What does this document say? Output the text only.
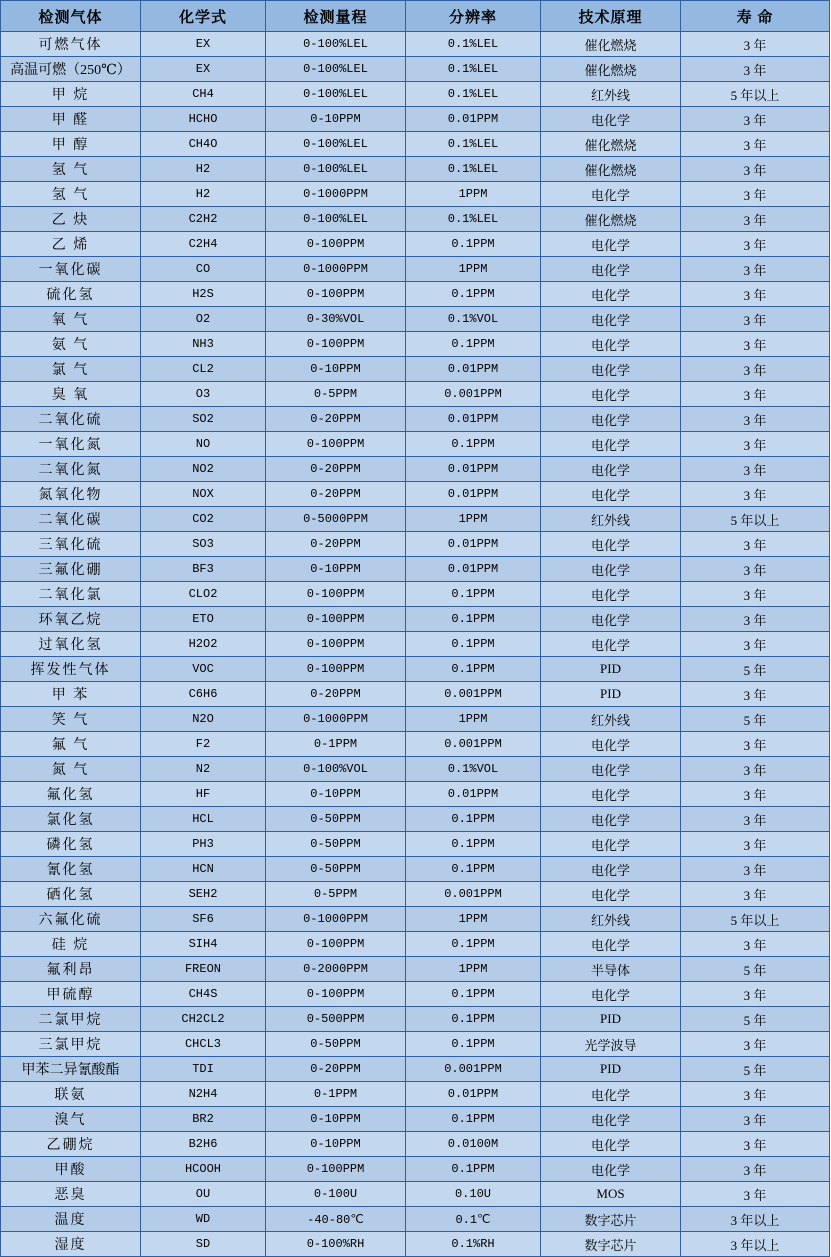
检测气体	化学式	检测量程	分辨率	技术原理	寿 命
可燃气体	EX	0-100%LEL	0.1%LEL	催化燃烧	3 年
高温可燃（250℃）	EX	0-100%LEL	0.1%LEL	催化燃烧	3 年
甲 烷	CH4	0-100%LEL	0.1%LEL	红外线	5 年以上
甲 醛	HCHO	0-10PPM	0.01PPM	电化学	3 年
甲 醇	CH4O	0-100%LEL	0.1%LEL	催化燃烧	3 年
氢 气	H2	0-100%LEL	0.1%LEL	催化燃烧	3 年
氢 气	H2	0-1000PPM	1PPM	电化学	3 年
乙 炔	C2H2	0-100%LEL	0.1%LEL	催化燃烧	3 年
乙 烯	C2H4	0-100PPM	0.1PPM	电化学	3 年
一氧化碳	CO	0-1000PPM	1PPM	电化学	3 年
硫化氢	H2S	0-100PPM	0.1PPM	电化学	3 年
氧 气	O2	0-30%VOL	0.1%VOL	电化学	3 年
氨 气	NH3	0-100PPM	0.1PPM	电化学	3 年
氯 气	CL2	0-10PPM	0.01PPM	电化学	3 年
臭 氧	O3	0-5PPM	0.001PPM	电化学	3 年
二氧化硫	SO2	0-20PPM	0.01PPM	电化学	3 年
一氧化氮	NO	0-100PPM	0.1PPM	电化学	3 年
二氧化氮	NO2	0-20PPM	0.01PPM	电化学	3 年
氮氧化物	NOX	0-20PPM	0.01PPM	电化学	3 年
二氧化碳	CO2	0-5000PPM	1PPM	红外线	5 年以上
三氧化硫	SO3	0-20PPM	0.01PPM	电化学	3 年
三氟化硼	BF3	0-10PPM	0.01PPM	电化学	3 年
二氧化氯	CLO2	0-100PPM	0.1PPM	电化学	3 年
环氧乙烷	ETO	0-100PPM	0.1PPM	电化学	3 年
过氧化氢	H2O2	0-100PPM	0.1PPM	电化学	3 年
挥发性气体	VOC	0-100PPM	0.1PPM	PID	5 年
甲 苯	C6H6	0-20PPM	0.001PPM	PID	3 年
笑 气	N2O	0-1000PPM	1PPM	红外线	5 年
氟 气	F2	0-1PPM	0.001PPM	电化学	3 年
氮 气	N2	0-100%VOL	0.1%VOL	电化学	3 年
氟化氢	HF	0-10PPM	0.01PPM	电化学	3 年
氯化氢	HCL	0-50PPM	0.1PPM	电化学	3 年
磷化氢	PH3	0-50PPM	0.1PPM	电化学	3 年
氰化氢	HCN	0-50PPM	0.1PPM	电化学	3 年
硒化氢	SEH2	0-5PPM	0.001PPM	电化学	3 年
六氟化硫	SF6	0-1000PPM	1PPM	红外线	5 年以上
硅 烷	SIH4	0-100PPM	0.1PPM	电化学	3 年
氟利昂	FREON	0-2000PPM	1PPM	半导体	5 年
甲硫醇	CH4S	0-100PPM	0.1PPM	电化学	3 年
二氯甲烷	CH2CL2	0-500PPM	0.1PPM	PID	5 年
三氯甲烷	CHCL3	0-50PPM	0.1PPM	光学波导	3 年
甲苯二异氰酸酯	TDI	0-20PPM	0.001PPM	PID	5 年
联氨	N2H4	0-1PPM	0.01PPM	电化学	3 年
溴气	BR2	0-10PPM	0.1PPM	电化学	3 年
乙硼烷	B2H6	0-10PPM	0.0100M	电化学	3 年
甲酸	HCOOH	0-100PPM	0.1PPM	电化学	3 年
恶臭	OU	0-100U	0.10U	MOS	3 年
温度	WD	-40-80℃	0.1℃	数字芯片	3 年以上
湿度	SD	0-100%RH	0.1%RH	数字芯片	3 年以上
